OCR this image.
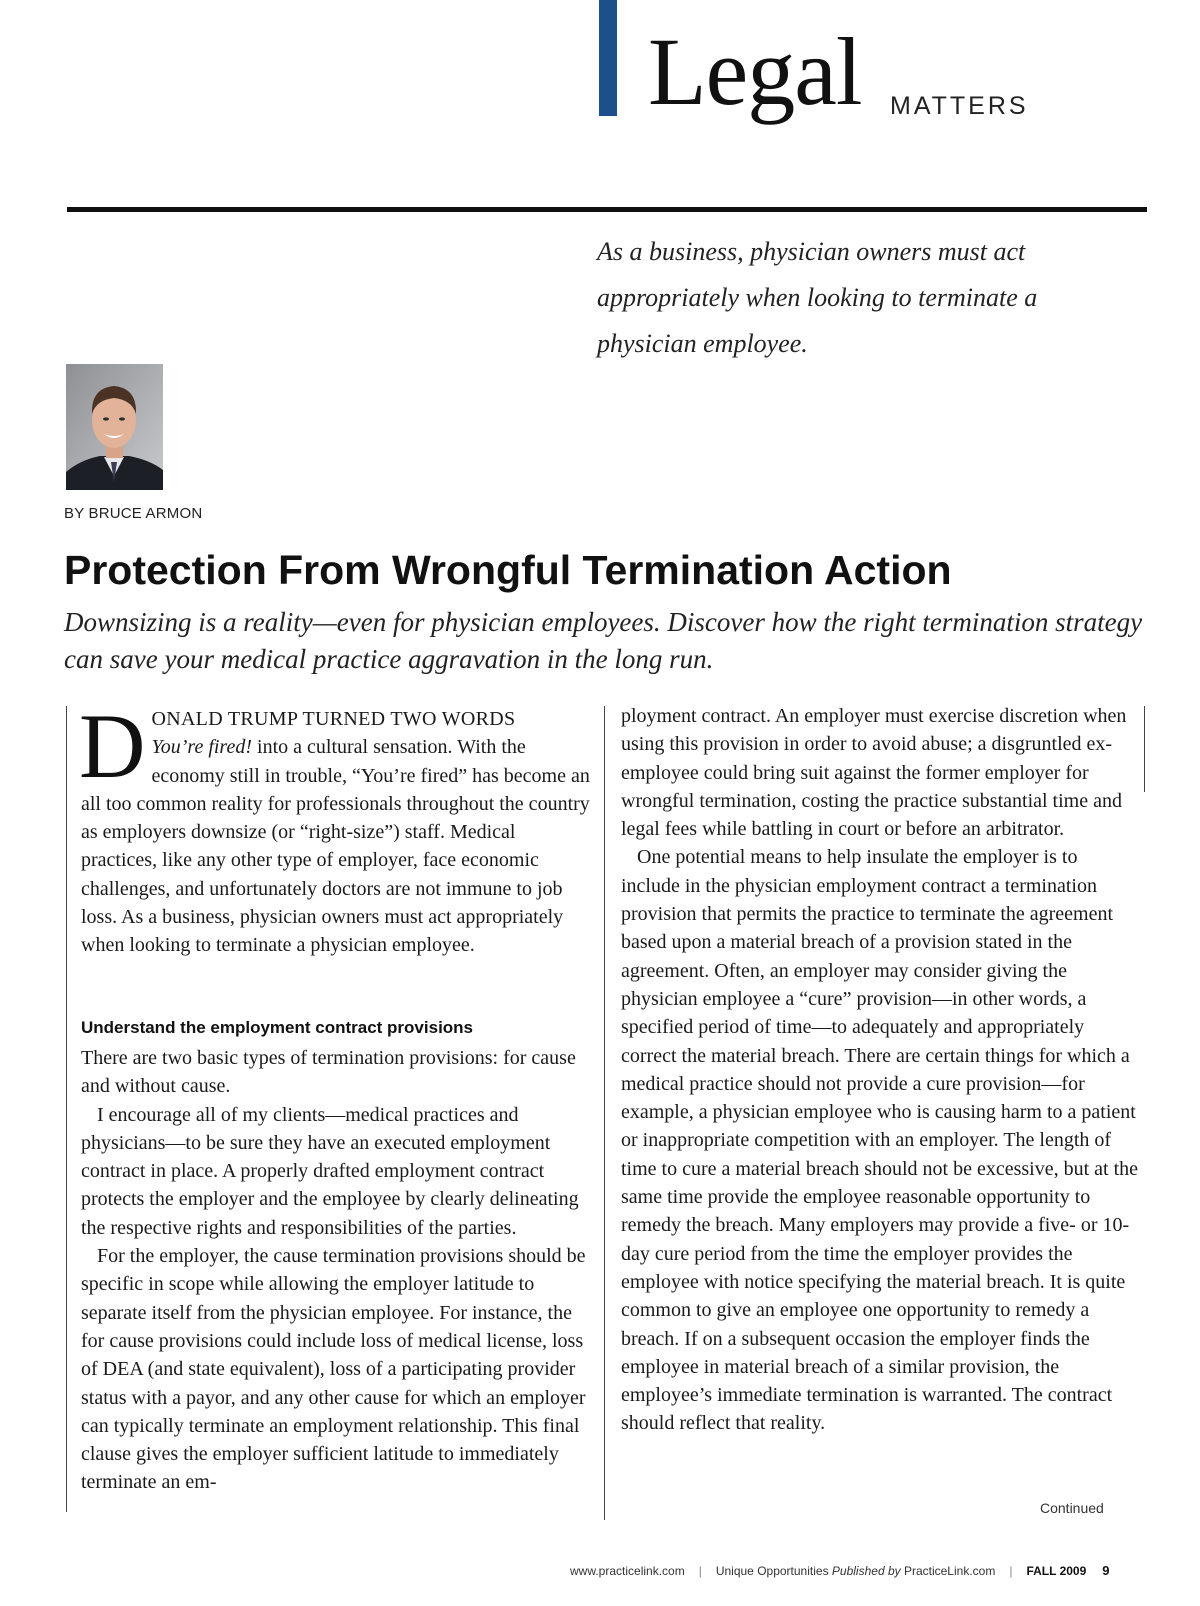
Legal MATTERS
As a business, physician owners must act appropriately when looking to terminate a physician employee.
BY BRUCE ARMON
Protection From Wrongful Termination Action
Downsizing is a reality—even for physician employees. Discover how the right termination strategy can save your medical practice aggravation in the long run.
DONALD TRUMP TURNED TWO WORDS
You’re fired! into a cultural sensation. With the economy still in trouble, “You’re fired” has become an all too common reality for professionals throughout the country as employers downsize (or “right-size”) staff. Medical practices, like any other type of employer, face economic challenges, and unfortunately doctors are not immune to job loss. As a business, physician owners must act appropriately when looking to terminate a physician employee.
Understand the employment contract provisions

There are two basic types of termination provisions: for cause and without cause.

I encourage all of my clients—medical practices and physicians—to be sure they have an executed employment contract in place. A properly drafted employment contract protects the employer and the employee by clearly delineating the respective rights and responsibilities of the parties.

For the employer, the cause termination provisions should be specific in scope while allowing the employer latitude to separate itself from the physician employee. For instance, the for cause provisions could include loss of medical license, loss of DEA (and state equivalent), loss of a participating provider status with a payor, and any other cause for which an employer can typically terminate an employment relationship. This final clause gives the employer sufficient latitude to immediately terminate an em-

ployment contract. An employer must exercise discretion when using this provision in order to avoid abuse; a disgruntled ex-employee could bring suit against the former employer for wrongful termination, costing the practice substantial time and legal fees while battling in court or before an arbitrator.

One potential means to help insulate the employer is to include in the physician employment contract a termination provision that permits the practice to terminate the agreement based upon a material breach of a provision stated in the agreement. Often, an employer may consider giving the physician employee a “cure” provision—in other words, a specified period of time—to adequately and appropriately correct the material breach. There are certain things for which a medical practice should not provide a cure provision—for example, a physician employee who is causing harm to a patient or inappropriate competition with an employer. The length of time to cure a material breach should not be excessive, but at the same time provide the employee reasonable opportunity to remedy the breach. Many employers may provide a five- or 10-day cure period from the time the employer provides the employee with notice specifying the material breach. It is quite common to give an employee one opportunity to remedy a breach. If on a subsequent occasion the employer finds the employee in material breach of a similar provision, the employee’s immediate termination is warranted. The contract should reflect that reality.

Continued
www.practicelink.com | Unique Opportunities Published by PracticeLink.com | FALL 2009 9
